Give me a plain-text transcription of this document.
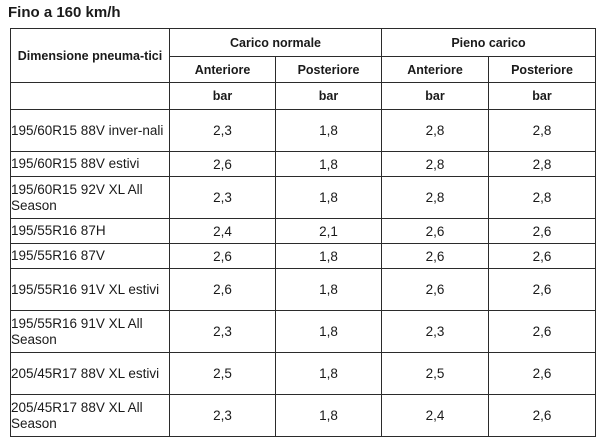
Fino a 160 km/h
Dimensione pneuma-tici	Carico normale		Pieno carico	
	Anteriore	Posteriore	Anteriore	Posteriore
	bar	bar	bar	bar
195/60R15 88V inver-nali	2,3	1,8	2,8	2,8
195/60R15 88V estivi	2,6	1,8	2,8	2,8
195/60R15 92V XL All Season	2,3	1,8	2,8	2,8
195/55R16 87H	2,4	2,1	2,6	2,6
195/55R16 87V	2,6	1,8	2,6	2,6
195/55R16 91V XL estivi	2,6	1,8	2,6	2,6
195/55R16 91V XL All Season	2,3	1,8	2,3	2,6
205/45R17 88V XL estivi	2,5	1,8	2,5	2,6
205/45R17 88V XL All Season	2,3	1,8	2,4	2,6
